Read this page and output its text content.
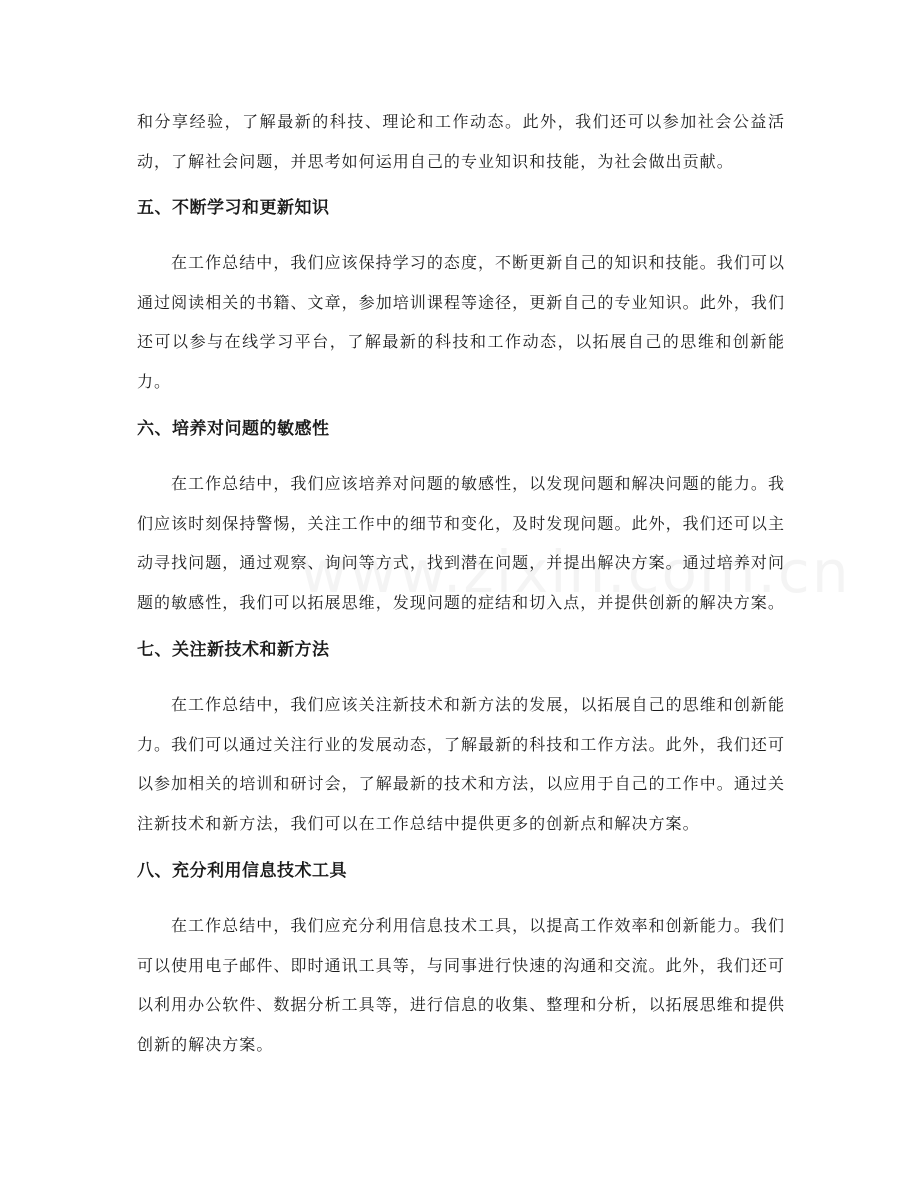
和分享经验，了解最新的科技、理论和工作动态。此外，我们还可以参加社会公益活动，了解社会问题，并思考如何运用自己的专业知识和技能，为社会做出贡献。

五、不断学习和更新知识

在工作总结中，我们应该保持学习的态度，不断更新自己的知识和技能。我们可以通过阅读相关的书籍、文章，参加培训课程等途径，更新自己的专业知识。此外，我们还可以参与在线学习平台，了解最新的科技和工作动态，以拓展自己的思维和创新能力。

六、培养对问题的敏感性

在工作总结中，我们应该培养对问题的敏感性，以发现问题和解决问题的能力。我们应该时刻保持警惕，关注工作中的细节和变化，及时发现问题。此外，我们还可以主动寻找问题，通过观察、询问等方式，找到潜在问题，并提出解决方案。通过培养对问题的敏感性，我们可以拓展思维，发现问题的症结和切入点，并提供创新的解决方案。

七、关注新技术和新方法

在工作总结中，我们应该关注新技术和新方法的发展，以拓展自己的思维和创新能力。我们可以通过关注行业的发展动态，了解最新的科技和工作方法。此外，我们还可以参加相关的培训和研讨会，了解最新的技术和方法，以应用于自己的工作中。通过关注新技术和新方法，我们可以在工作总结中提供更多的创新点和解决方案。

八、充分利用信息技术工具

在工作总结中，我们应充分利用信息技术工具，以提高工作效率和创新能力。我们可以使用电子邮件、即时通讯工具等，与同事进行快速的沟通和交流。此外，我们还可以利用办公软件、数据分析工具等，进行信息的收集、整理和分析，以拓展思维和提供创新的解决方案。
